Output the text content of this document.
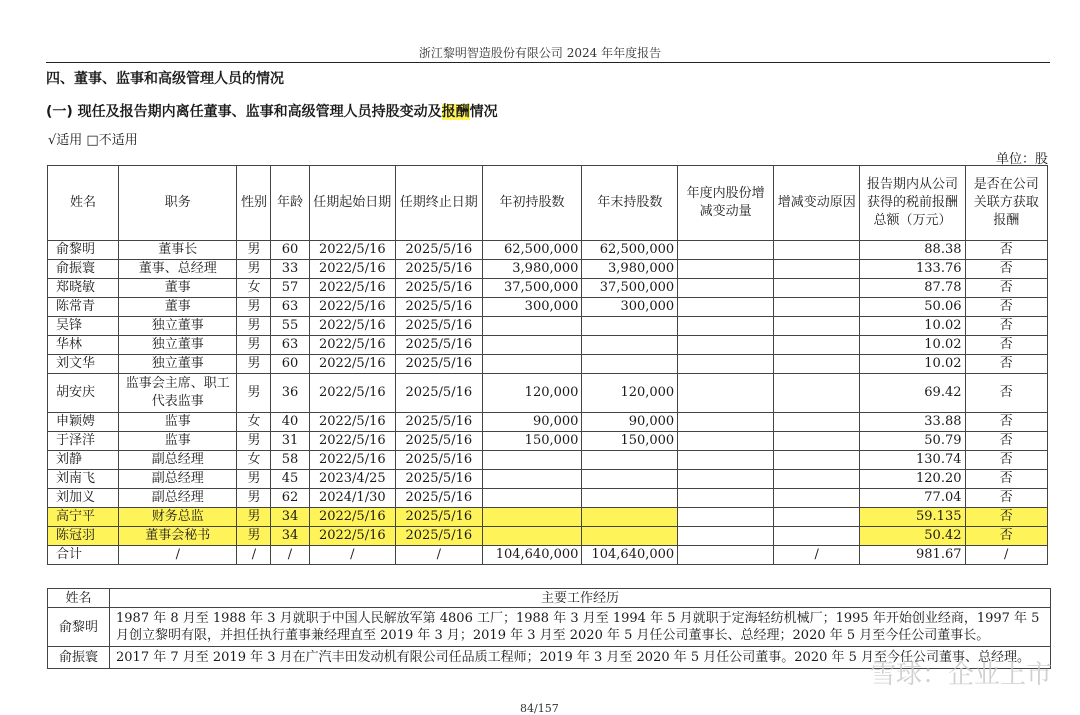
浙江黎明智造股份有限公司 2024 年年度报告
四、董事、监事和高级管理人员的情况
(一) 现任及报告期内离任董事、监事和高级管理人员持股变动及报酬情况
√适用 □不适用
单位：股
姓名	职务	性别	年龄	任期起始日期	任期终止日期	年初持股数	年末持股数	年度内股份增减变动量	增减变动原因	报告期内从公司获得的税前报酬总额（万元）	是否在公司关联方获取报酬
俞黎明	董事长	男	60	2022/5/16	2025/5/16	62,500,000	62,500,000			88.38	否
俞振寰	董事、总经理	男	33	2022/5/16	2025/5/16	3,980,000	3,980,000			133.76	否
郑晓敏	董事	女	57	2022/5/16	2025/5/16	37,500,000	37,500,000			87.78	否
陈常青	董事	男	63	2022/5/16	2025/5/16	300,000	300,000			50.06	否
吴锋	独立董事	男	55	2022/5/16	2025/5/16					10.02	否
华林	独立董事	男	63	2022/5/16	2025/5/16					10.02	否
刘文华	独立董事	男	60	2022/5/16	2025/5/16					10.02	否
胡安庆	监事会主席、职工代表监事	男	36	2022/5/16	2025/5/16	120,000	120,000			69.42	否
申颖娉	监事	女	40	2022/5/16	2025/5/16	90,000	90,000			33.88	否
于泽洋	监事	男	31	2022/5/16	2025/5/16	150,000	150,000			50.79	否
刘静	副总经理	女	58	2022/5/16	2025/5/16					130.74	否
刘南飞	副总经理	男	45	2023/4/25	2025/5/16					120.20	否
刘加义	副总经理	男	62	2024/1/30	2025/5/16					77.04	否
高宁平	财务总监	男	34	2022/5/16	2025/5/16					59.135	否
陈冠羽	董事会秘书	男	34	2022/5/16	2025/5/16					50.42	否
合计	/	/	/	/	/	104,640,000	104,640,000		/	981.67	/
姓名	主要工作经历
俞黎明	1987 年 8 月至 1988 年 3 月就职于中国人民解放军第 4806 工厂；1988 年 3 月至 1994 年 5 月就职于定海轻纺机械厂；1995 年开始创业经商，1997 年 5 月创立黎明有限，并担任执行董事兼经理直至 2019 年 3 月；2019 年 3 月至 2020 年 5 月任公司董事长、总经理；2020 年 5 月至今任公司董事长。
俞振寰	2017 年 7 月至 2019 年 3 月在广汽丰田发动机有限公司任品质工程师；2019 年 3 月至 2020 年 5 月任公司董事。2020 年 5 月至今任公司董事、总经理。
雪球：企业上市
84/157
